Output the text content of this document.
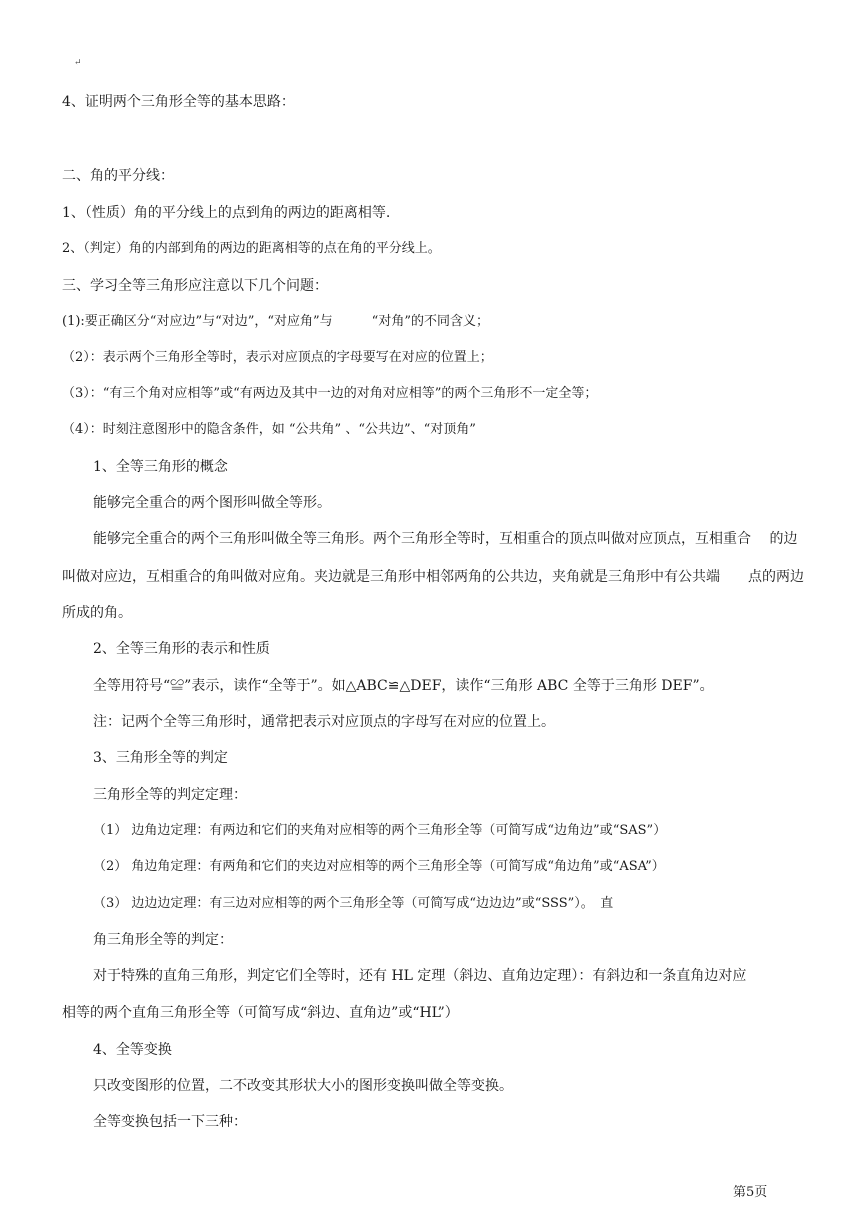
↵
4、证明两个三角形全等的基本思路：
二、角的平分线：
1、（性质）角的平分线上的点到角的两边的距离相等.
2、（判定）角的内部到角的两边的距离相等的点在角的平分线上。
三、学习全等三角形应注意以下几个问题：
(1):要正确区分“对应边”与“对边”，“对应角”与　　　“对角”的不同含义；
（2）：表示两个三角形全等时，表示对应顶点的字母要写在对应的位置上；
（3）：“有三个角对应相等”或“有两边及其中一边的对角对应相等”的两个三角形不一定全等；
（4）：时刻注意图形中的隐含条件，如 “公共角” 、“公共边”、“对顶角”
1、全等三角形的概念
能够完全重合的两个图形叫做全等形。
能够完全重合的两个三角形叫做全等三角形。两个三角形全等时，互相重合的顶点叫做对应顶点，互相重合　 的边
叫做对应边，互相重合的角叫做对应角。夹边就是三角形中相邻两角的公共边，夹角就是三角形中有公共端　　点的两边
所成的角。
2、全等三角形的表示和性质
全等用符号“≌”表示，读作“全等于”。如△ABC≌△DEF，读作“三角形 ABC 全等于三角形 DEF”。
注：记两个全等三角形时，通常把表示对应顶点的字母写在对应的位置上。
3、三角形全等的判定
三角形全等的判定定理：
（1） 边角边定理：有两边和它们的夹角对应相等的两个三角形全等（可简写成“边角边”或“SAS”）
（2） 角边角定理：有两角和它们的夹边对应相等的两个三角形全等（可简写成“角边角”或“ASA”）
（3） 边边边定理：有三边对应相等的两个三角形全等（可简写成“边边边”或“SSS”）。　直
角三角形全等的判定：
对于特殊的直角三角形，判定它们全等时，还有 HL 定理（斜边、直角边定理）：有斜边和一条直角边对应
相等的两个直角三角形全等（可简写成“斜边、直角边”或“HL”）
4、全等变换
只改变图形的位置，二不改变其形状大小的图形变换叫做全等变换。
全等变换包括一下三种：
第5页
